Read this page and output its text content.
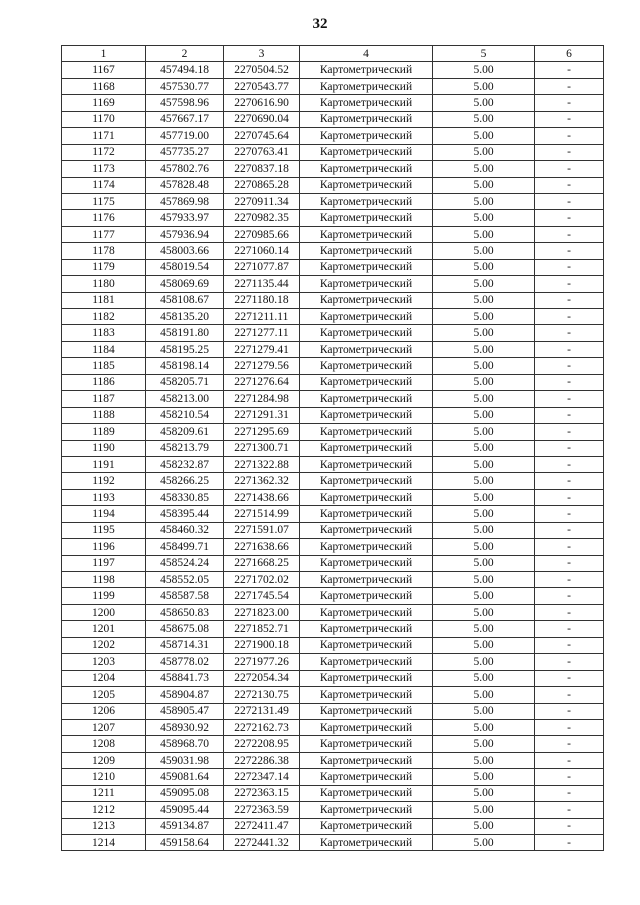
32
1	2	3	4	5	6
1167	457494.18	2270504.52	Картометрический	5.00	-
1168	457530.77	2270543.77	Картометрический	5.00	-
1169	457598.96	2270616.90	Картометрический	5.00	-
1170	457667.17	2270690.04	Картометрический	5.00	-
1171	457719.00	2270745.64	Картометрический	5.00	-
1172	457735.27	2270763.41	Картометрический	5.00	-
1173	457802.76	2270837.18	Картометрический	5.00	-
1174	457828.48	2270865.28	Картометрический	5.00	-
1175	457869.98	2270911.34	Картометрический	5.00	-
1176	457933.97	2270982.35	Картометрический	5.00	-
1177	457936.94	2270985.66	Картометрический	5.00	-
1178	458003.66	2271060.14	Картометрический	5.00	-
1179	458019.54	2271077.87	Картометрический	5.00	-
1180	458069.69	2271135.44	Картометрический	5.00	-
1181	458108.67	2271180.18	Картометрический	5.00	-
1182	458135.20	2271211.11	Картометрический	5.00	-
1183	458191.80	2271277.11	Картометрический	5.00	-
1184	458195.25	2271279.41	Картометрический	5.00	-
1185	458198.14	2271279.56	Картометрический	5.00	-
1186	458205.71	2271276.64	Картометрический	5.00	-
1187	458213.00	2271284.98	Картометрический	5.00	-
1188	458210.54	2271291.31	Картометрический	5.00	-
1189	458209.61	2271295.69	Картометрический	5.00	-
1190	458213.79	2271300.71	Картометрический	5.00	-
1191	458232.87	2271322.88	Картометрический	5.00	-
1192	458266.25	2271362.32	Картометрический	5.00	-
1193	458330.85	2271438.66	Картометрический	5.00	-
1194	458395.44	2271514.99	Картометрический	5.00	-
1195	458460.32	2271591.07	Картометрический	5.00	-
1196	458499.71	2271638.66	Картометрический	5.00	-
1197	458524.24	2271668.25	Картометрический	5.00	-
1198	458552.05	2271702.02	Картометрический	5.00	-
1199	458587.58	2271745.54	Картометрический	5.00	-
1200	458650.83	2271823.00	Картометрический	5.00	-
1201	458675.08	2271852.71	Картометрический	5.00	-
1202	458714.31	2271900.18	Картометрический	5.00	-
1203	458778.02	2271977.26	Картометрический	5.00	-
1204	458841.73	2272054.34	Картометрический	5.00	-
1205	458904.87	2272130.75	Картометрический	5.00	-
1206	458905.47	2272131.49	Картометрический	5.00	-
1207	458930.92	2272162.73	Картометрический	5.00	-
1208	458968.70	2272208.95	Картометрический	5.00	-
1209	459031.98	2272286.38	Картометрический	5.00	-
1210	459081.64	2272347.14	Картометрический	5.00	-
1211	459095.08	2272363.15	Картометрический	5.00	-
1212	459095.44	2272363.59	Картометрический	5.00	-
1213	459134.87	2272411.47	Картометрический	5.00	-
1214	459158.64	2272441.32	Картометрический	5.00	-
